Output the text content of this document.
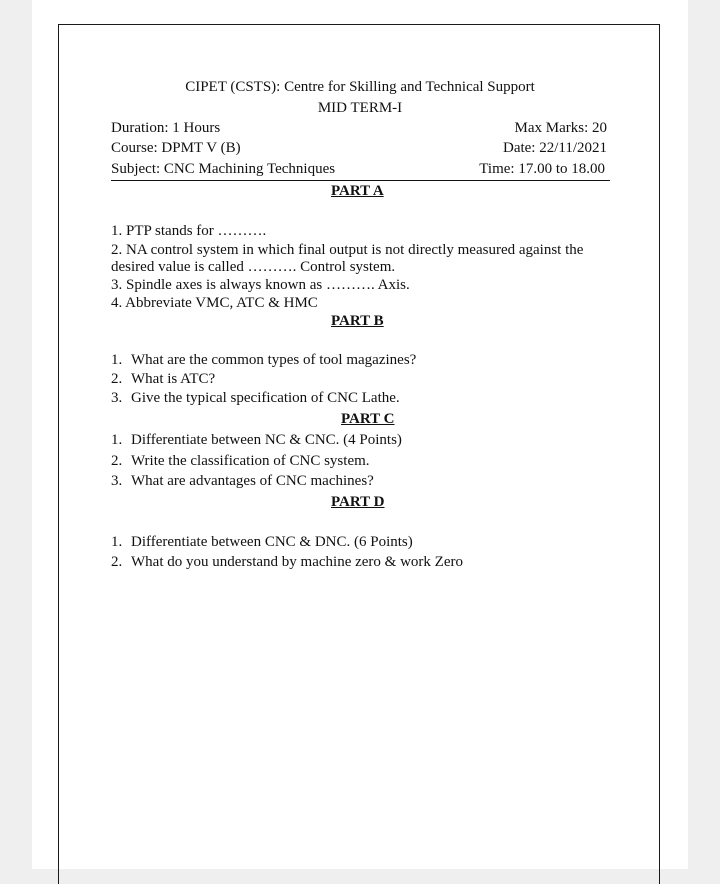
CIPET (CSTS): Centre for Skilling and Technical Support
MID TERM-I
Duration: 1 Hours	Max Marks: 20
Course: DPMT V (B)	Date: 22/11/2021
Subject: CNC Machining Techniques	Time: 17.00 to 18.00
PART A
1. PTP stands for ……….
2. NA control system in which final output is not directly measured against the
desired value is called ………. Control system.
3. Spindle axes is always known as ………. Axis.
4. Abbreviate VMC, ATC & HMC
PART B
1. What are the common types of tool magazines?
2. What is ATC?
3. Give the typical specification of CNC Lathe.
PART C
1. Differentiate between NC & CNC. (4 Points)
2. Write the classification of CNC system.
3. What are advantages of CNC machines?
PART D
1. Differentiate between CNC & DNC. (6 Points)
2. What do you understand by machine zero & work Zero
